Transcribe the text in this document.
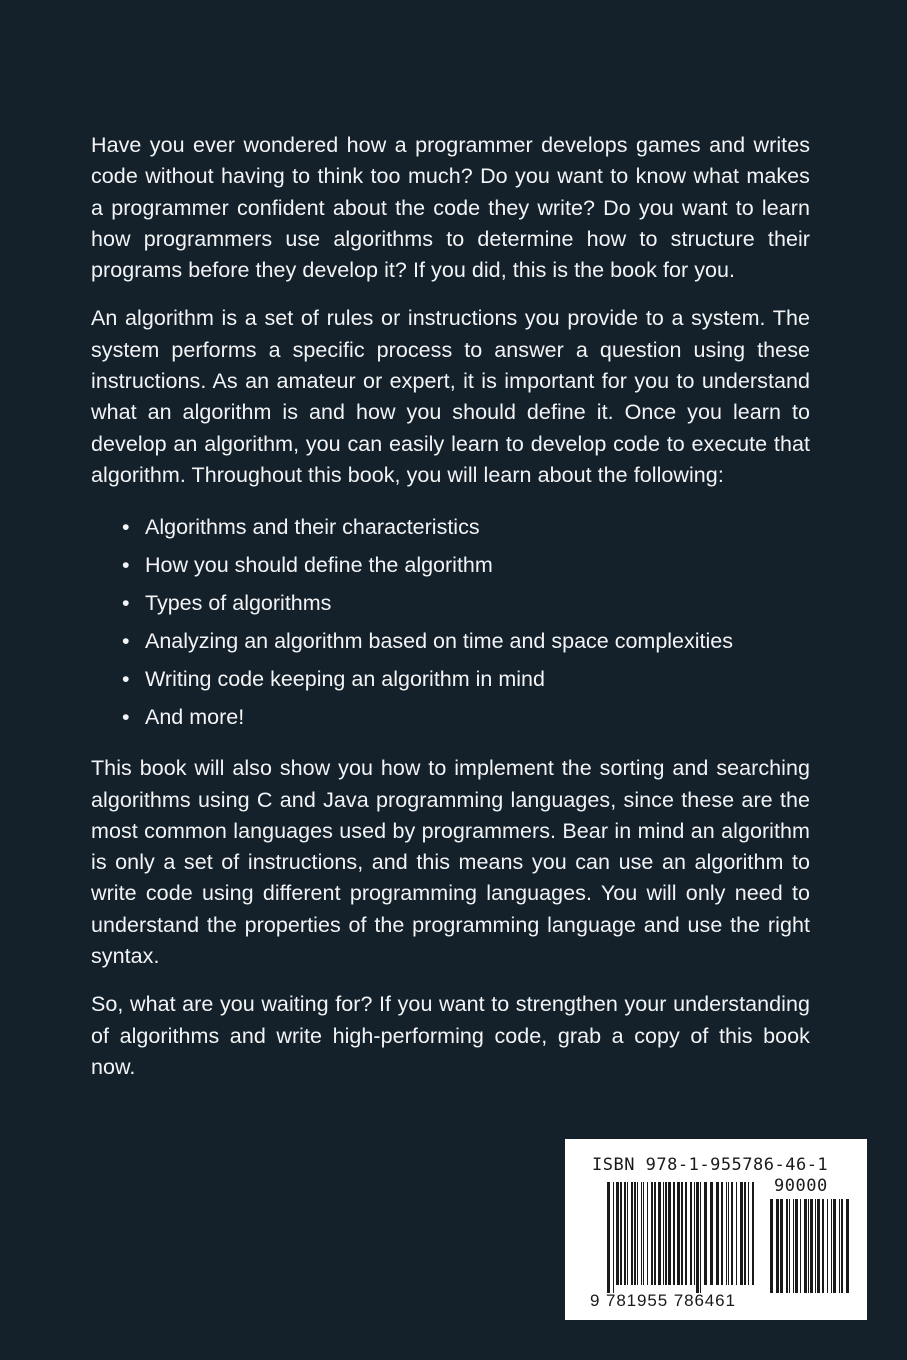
Have you ever wondered how a programmer develops games and writes code without having to think too much? Do you want to know what makes a programmer confident about the code they write? Do you want to learn how programmers use algorithms to determine how to structure their programs before they develop it? If you did, this is the book for you.

An algorithm is a set of rules or instructions you provide to a system. The system performs a specific process to answer a question using these instructions. As an amateur or expert, it is important for you to understand what an algorithm is and how you should define it. Once you learn to develop an algorithm, you can easily learn to develop code to execute that algorithm. Throughout this book, you will learn about the following:

• Algorithms and their characteristics
• How you should define the algorithm
• Types of algorithms
• Analyzing an algorithm based on time and space complexities
• Writing code keeping an algorithm in mind
• And more!

This book will also show you how to implement the sorting and searching algorithms using C and Java programming languages, since these are the most common languages used by programmers. Bear in mind an algorithm is only a set of instructions, and this means you can use an algorithm to write code using different programming languages. You will only need to understand the properties of the programming language and use the right syntax.

So, what are you waiting for? If you want to strengthen your understanding of algorithms and write high-performing code, grab a copy of this book now.

ISBN 978-1-955786-46-1
90000
9 781955 786461
